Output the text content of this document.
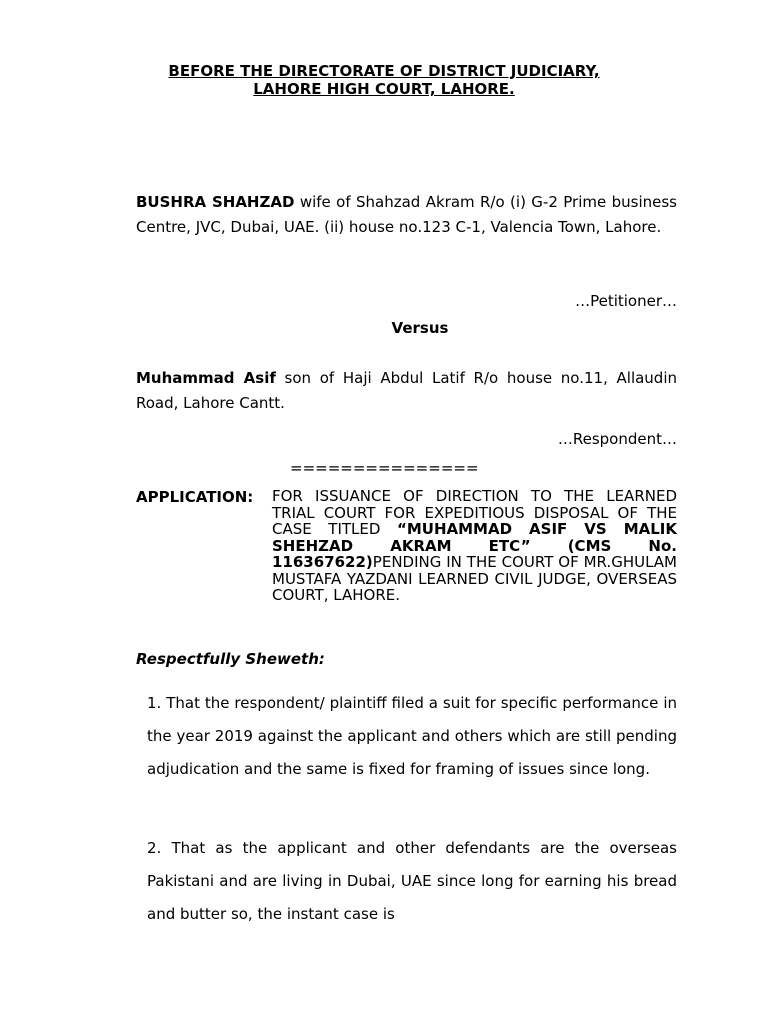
BEFORE THE DIRECTORATE OF DISTRICT JUDICIARY,
LAHORE HIGH COURT, LAHORE.
BUSHRA SHAHZAD wife of Shahzad Akram R/o (i) G-2 Prime business Centre, JVC, Dubai, UAE. (ii) house no.123 C-1, Valencia Town, Lahore.
…Petitioner…
Versus
Muhammad Asif son of Haji Abdul Latif R/o house no.11, Allaudin Road, Lahore Cantt.
…Respondent…
===============
APPLICATION: FOR ISSUANCE OF DIRECTION TO THE LEARNED TRIAL COURT FOR EXPEDITIOUS DISPOSAL OF THE CASE TITLED “MUHAMMAD ASIF VS MALIK SHEHZAD AKRAM ETC” (CMS No. 116367622)PENDING IN THE COURT OF MR.GHULAM MUSTAFA YAZDANI LEARNED CIVIL JUDGE, OVERSEAS COURT, LAHORE.
Respectfully Sheweth:
1. That the respondent/ plaintiff filed a suit for specific performance in the year 2019 against the applicant and others which are still pending adjudication and the same is fixed for framing of issues since long.
2. That as the applicant and other defendants are the overseas Pakistani and are living in Dubai, UAE since long for earning his bread and butter so, the instant case is
